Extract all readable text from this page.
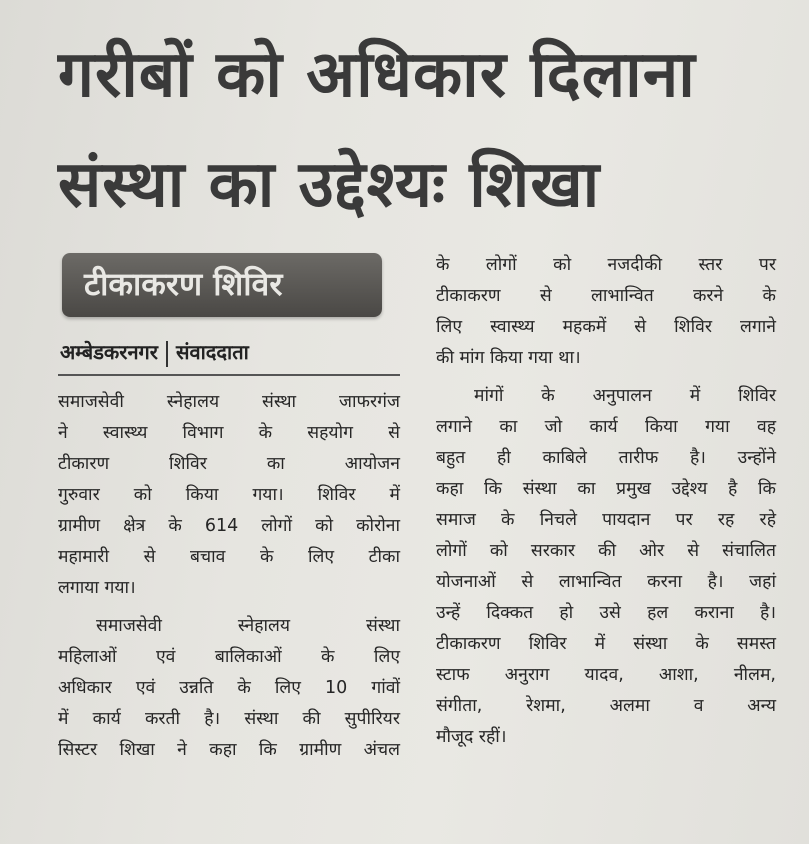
गरीबों को अधिकार दिलाना
संस्था का उद्देश्यः शिखा
टीकाकरण शिविर
अम्बेडकरनगर संवाददाता
समाजसेवी स्नेहालय संस्था जाफरगंज
ने स्वास्थ्य विभाग के सहयोग से
टीकारण शिविर का आयोजन
गुरुवार को किया गया। शिविर में
ग्रामीण क्षेत्र के 614 लोगों को कोरोना
महामारी से बचाव के लिए टीका
लगाया गया।
समाजसेवी स्नेहालय संस्था
महिलाओं एवं बालिकाओं के लिए
अधिकार एवं उन्नति के लिए 10 गांवों
में कार्य करती है। संस्था की सुपीरियर
सिस्टर शिखा ने कहा कि ग्रामीण अंचल
के लोगों को नजदीकी स्तर पर
टीकाकरण से लाभान्वित करने के
लिए स्वास्थ्य महकमें से शिविर लगाने
की मांग किया गया था।
मांगों के अनुपालन में शिविर
लगाने का जो कार्य किया गया वह
बहुत ही काबिले तारीफ है। उन्होंने
कहा कि संस्था का प्रमुख उद्देश्य है कि
समाज के निचले पायदान पर रह रहे
लोगों को सरकार की ओर से संचालित
योजनाओं से लाभान्वित करना है। जहां
उन्हें दिक्कत हो उसे हल कराना है।
टीकाकरण शिविर में संस्था के समस्त
स्टाफ अनुराग यादव, आशा, नीलम,
संगीता, रेशमा, अलमा व अन्य
मौजूद रहीं।
